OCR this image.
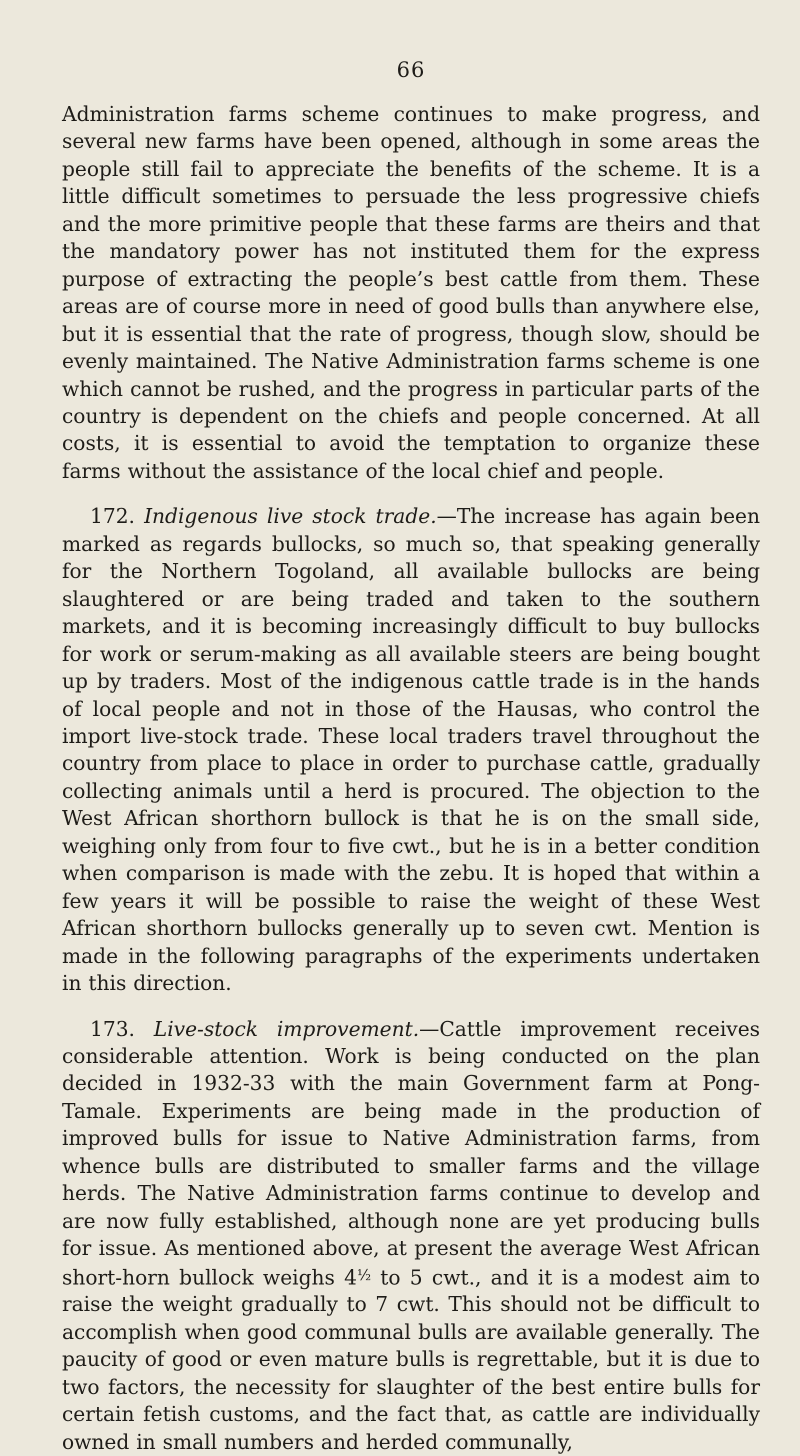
66

Administration farms scheme continues to make progress, and several new farms have been opened, although in some areas the people still fail to appreciate the benefits of the scheme. It is a little difficult sometimes to persuade the less progressive chiefs and the more primitive people that these farms are theirs and that the mandatory power has not instituted them for the express purpose of extracting the people’s best cattle from them. These areas are of course more in need of good bulls than anywhere else, but it is essential that the rate of progress, though slow, should be evenly maintained. The Native Administration farms scheme is one which cannot be rushed, and the progress in particular parts of the country is dependent on the chiefs and people concerned. At all costs, it is essential to avoid the temptation to organize these farms without the assistance of the local chief and people.

172. Indigenous live stock trade.—The increase has again been marked as regards bullocks, so much so, that speaking generally for the Northern Togoland, all available bullocks are being slaughtered or are being traded and taken to the southern markets, and it is becoming increasingly difficult to buy bullocks for work or serum-making as all available steers are being bought up by traders. Most of the indigenous cattle trade is in the hands of local people and not in those of the Hausas, who control the import live-stock trade. These local traders travel throughout the country from place to place in order to purchase cattle, gradually collecting animals until a herd is procured. The objection to the West African shorthorn bullock is that he is on the small side, weighing only from four to five cwt., but he is in a better condition when comparison is made with the zebu. It is hoped that within a few years it will be possible to raise the weight of these West African shorthorn bullocks generally up to seven cwt. Mention is made in the following paragraphs of the experiments undertaken in this direction.

173. Live-stock improvement.—Cattle improvement receives considerable attention. Work is being conducted on the plan decided in 1932-33 with the main Government farm at Pong-Tamale. Experiments are being made in the production of improved bulls for issue to Native Administration farms, from whence bulls are distributed to smaller farms and the village herds. The Native Administration farms continue to develop and are now fully established, although none are yet producing bulls for issue. As mentioned above, at present the average West African short-horn bullock weighs $4^{\frac{1}{2}}$ to 5 cwt., and it is a modest aim to raise the weight gradually to 7 cwt. This should not be difficult to accomplish when good communal bulls are available generally. The paucity of good or even mature bulls is regrettable, but it is due to two factors, the necessity for slaughter of the best entire bulls for certain fetish customs, and the fact that, as cattle are individually owned in small numbers and herded communally,
